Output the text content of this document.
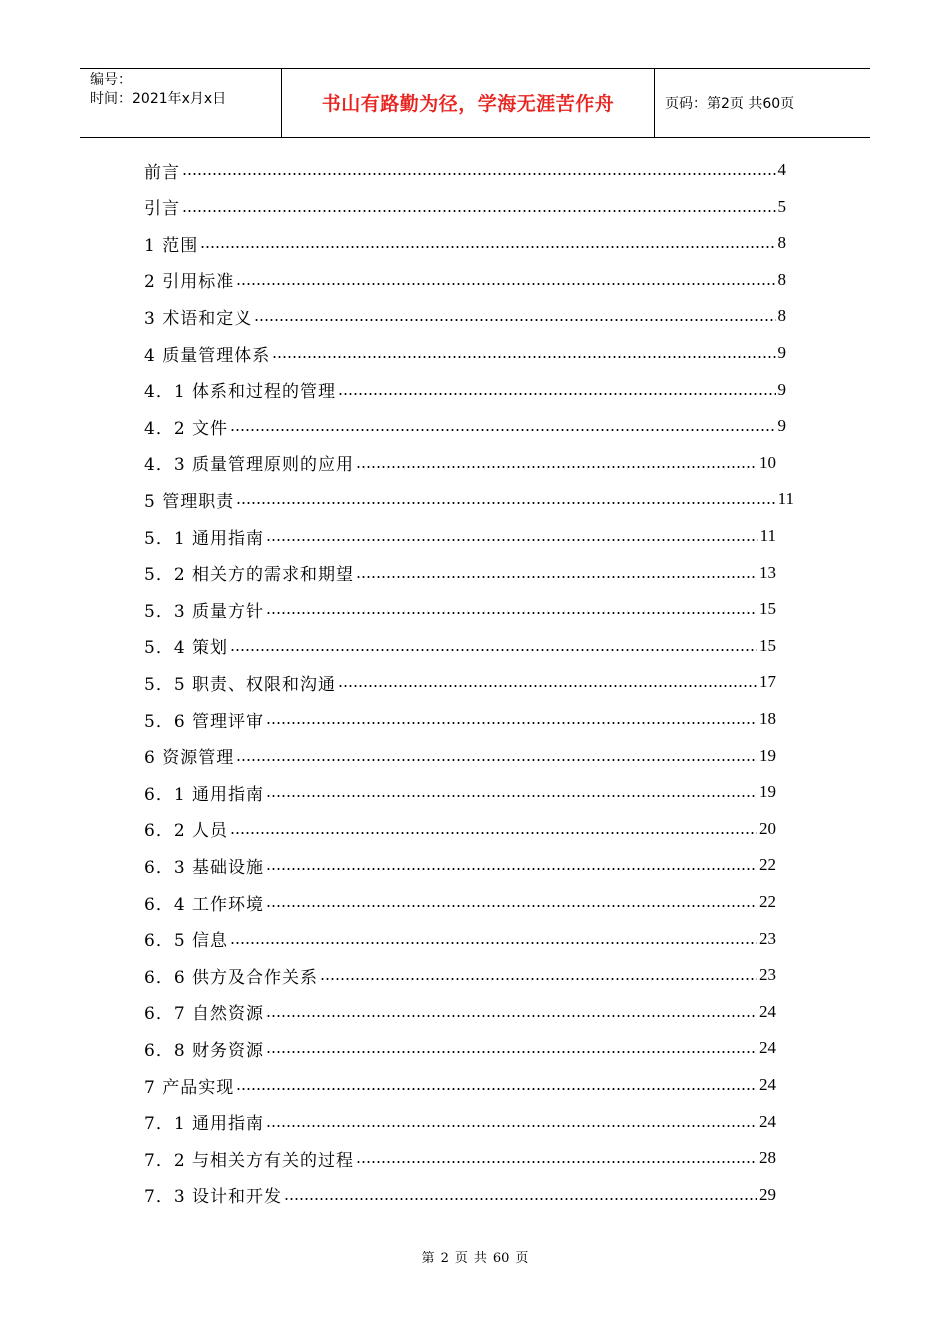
编号：
时间：2021年x月x日	书山有路勤为径，学海无涯苦作舟	页码：第2页 共60页
前言	4
引言	5
1 范围	8
2 引用标准	8
3 术语和定义	8
4 质量管理体系	9
4．1 体系和过程的管理	9
4．2 文件	9
4．3 质量管理原则的应用	10
5 管理职责	11
5．1 通用指南	11
5．2 相关方的需求和期望	13
5．3 质量方针	15
5．4 策划	15
5．5 职责、权限和沟通	17
5．6 管理评审	18
6 资源管理	19
6．1 通用指南	19
6．2 人员	20
6．3 基础设施	22
6．4 工作环境	22
6．5 信息	23
6．6 供方及合作关系	23
6．7 自然资源	24
6．8 财务资源	24
7 产品实现	24
7．1 通用指南	24
7．2 与相关方有关的过程	28
7．3 设计和开发	29
第 2 页 共 60 页
